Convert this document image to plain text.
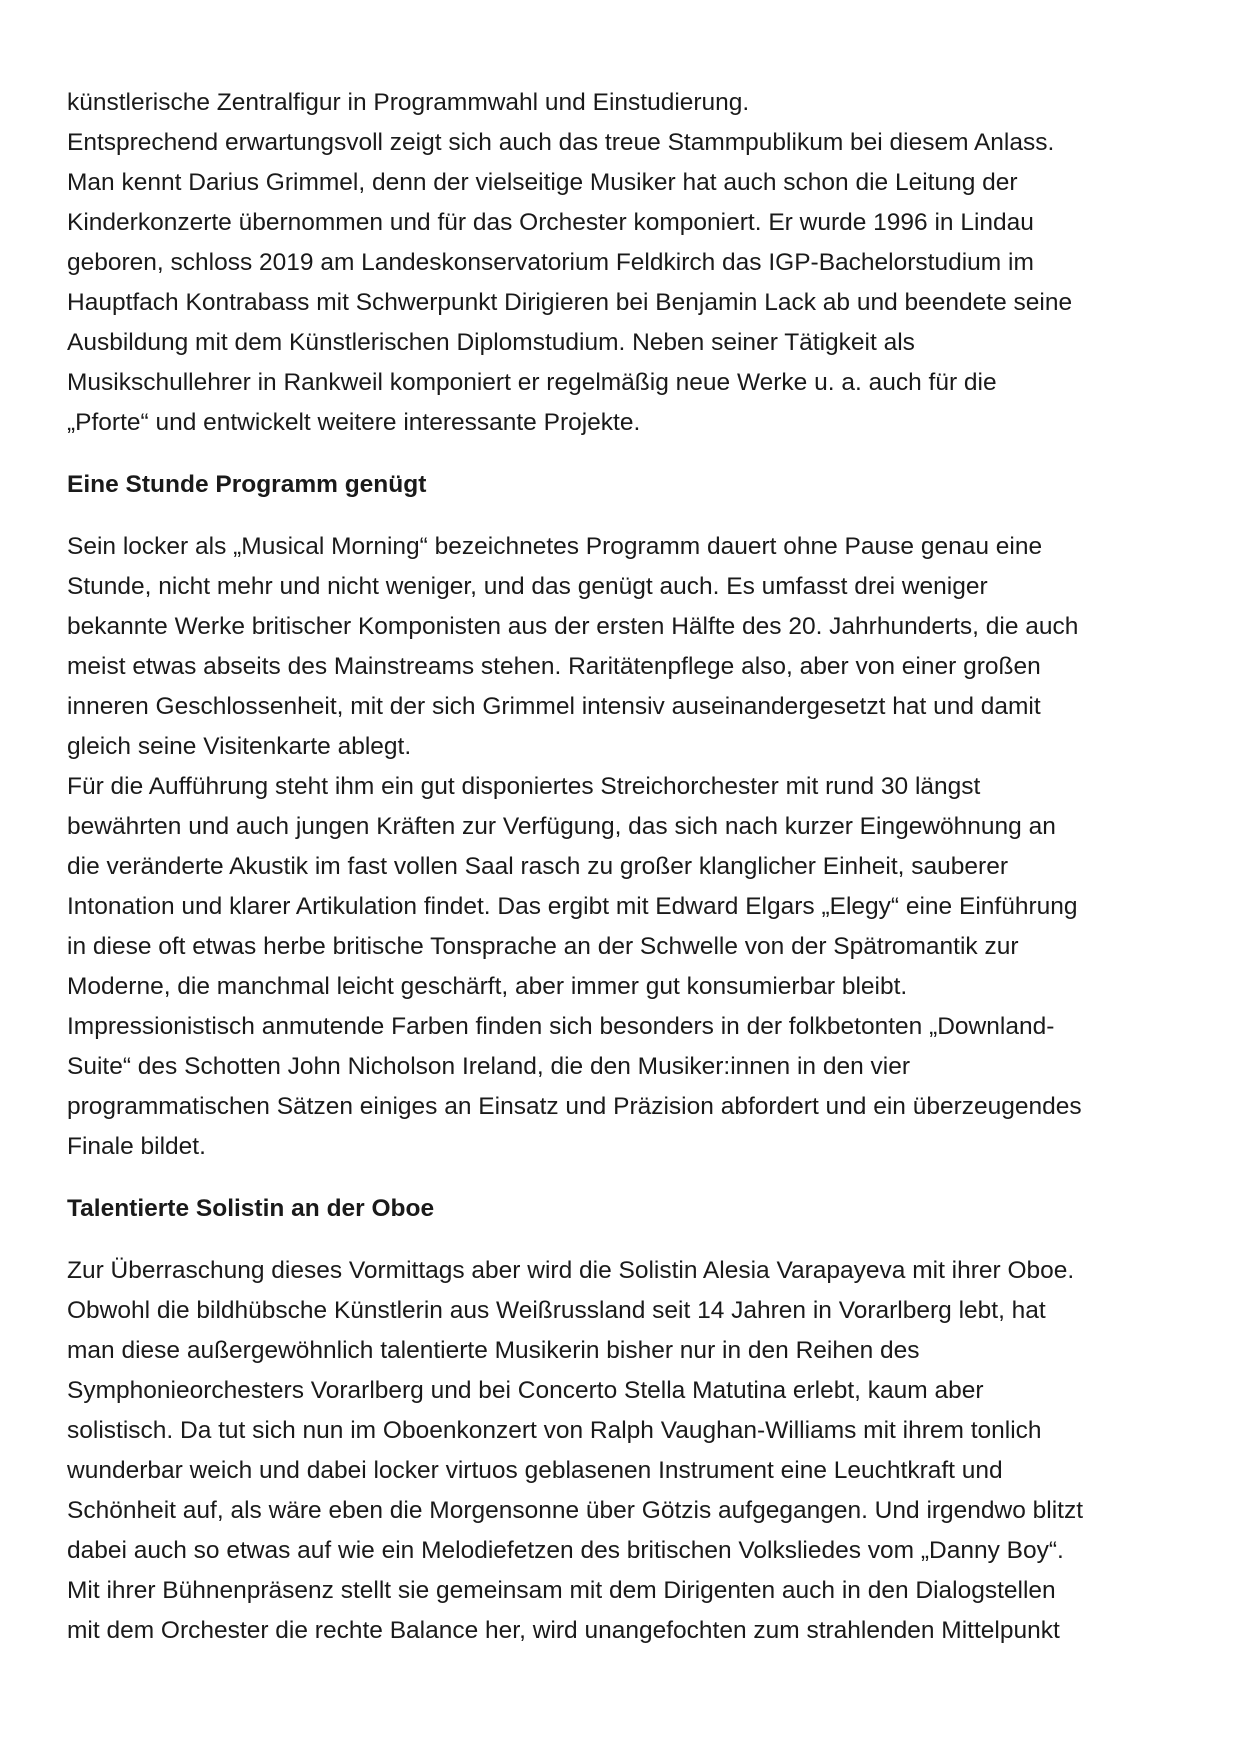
künstlerische Zentralfigur in Programmwahl und Einstudierung.
Entsprechend erwartungsvoll zeigt sich auch das treue Stammpublikum bei diesem Anlass.
Man kennt Darius Grimmel, denn der vielseitige Musiker hat auch schon die Leitung der
Kinderkonzerte übernommen und für das Orchester komponiert. Er wurde 1996 in Lindau
geboren, schloss 2019 am Landeskonservatorium Feldkirch das IGP-Bachelorstudium im
Hauptfach Kontrabass mit Schwerpunkt Dirigieren bei Benjamin Lack ab und beendete seine
Ausbildung mit dem Künstlerischen Diplomstudium. Neben seiner Tätigkeit als
Musikschullehrer in Rankweil komponiert er regelmäßig neue Werke u. a. auch für die
„Pforte“ und entwickelt weitere interessante Projekte.

Eine Stunde Programm genügt

Sein locker als „Musical Morning“ bezeichnetes Programm dauert ohne Pause genau eine
Stunde, nicht mehr und nicht weniger, und das genügt auch. Es umfasst drei weniger
bekannte Werke britischer Komponisten aus der ersten Hälfte des 20. Jahrhunderts, die auch
meist etwas abseits des Mainstreams stehen. Raritätenpflege also, aber von einer großen
inneren Geschlossenheit, mit der sich Grimmel intensiv auseinandergesetzt hat und damit
gleich seine Visitenkarte ablegt.
Für die Aufführung steht ihm ein gut disponiertes Streichorchester mit rund 30 längst
bewährten und auch jungen Kräften zur Verfügung, das sich nach kurzer Eingewöhnung an
die veränderte Akustik im fast vollen Saal rasch zu großer klanglicher Einheit, sauberer
Intonation und klarer Artikulation findet. Das ergibt mit Edward Elgars „Elegy“ eine Einführung
in diese oft etwas herbe britische Tonsprache an der Schwelle von der Spätromantik zur
Moderne, die manchmal leicht geschärft, aber immer gut konsumierbar bleibt.
Impressionistisch anmutende Farben finden sich besonders in der folkbetonten „Downland-
Suite“ des Schotten John Nicholson Ireland, die den Musiker:innen in den vier
programmatischen Sätzen einiges an Einsatz und Präzision abfordert und ein überzeugendes
Finale bildet.

Talentierte Solistin an der Oboe

Zur Überraschung dieses Vormittags aber wird die Solistin Alesia Varapayeva mit ihrer Oboe.
Obwohl die bildhübsche Künstlerin aus Weißrussland seit 14 Jahren in Vorarlberg lebt, hat
man diese außergewöhnlich talentierte Musikerin bisher nur in den Reihen des
Symphonieorchesters Vorarlberg und bei Concerto Stella Matutina erlebt, kaum aber
solistisch. Da tut sich nun im Oboenkonzert von Ralph Vaughan-Williams mit ihrem tonlich
wunderbar weich und dabei locker virtuos geblasenen Instrument eine Leuchtkraft und
Schönheit auf, als wäre eben die Morgensonne über Götzis aufgegangen. Und irgendwo blitzt
dabei auch so etwas auf wie ein Melodiefetzen des britischen Volksliedes vom „Danny Boy“.
Mit ihrer Bühnenpräsenz stellt sie gemeinsam mit dem Dirigenten auch in den Dialogstellen
mit dem Orchester die rechte Balance her, wird unangefochten zum strahlenden Mittelpunkt
